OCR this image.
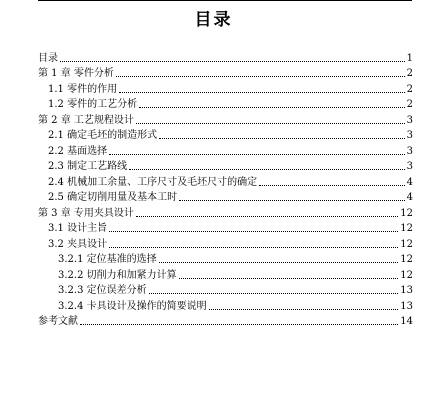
目录
目录	1
第 1 章 零件分析	2
1.1 零件的作用	2
1.2 零件的工艺分析	2
第 2 章 工艺规程设计	3
2.1 确定毛坯的制造形式	3
2.2 基面选择	3
2.3 制定工艺路线	3
2.4 机械加工余量、工序尺寸及毛坯尺寸的确定	4
2.5 确定切削用量及基本工时	4
第 3 章 专用夹具设计	12
3.1 设计主旨	12
3.2 夹具设计	12
3.2.1 定位基准的选择	12
3.2.2 切削力和加紧力计算	12
3.2.3 定位误差分析	13
3.2.4 卡具设计及操作的简要说明	13
参考文献	14
